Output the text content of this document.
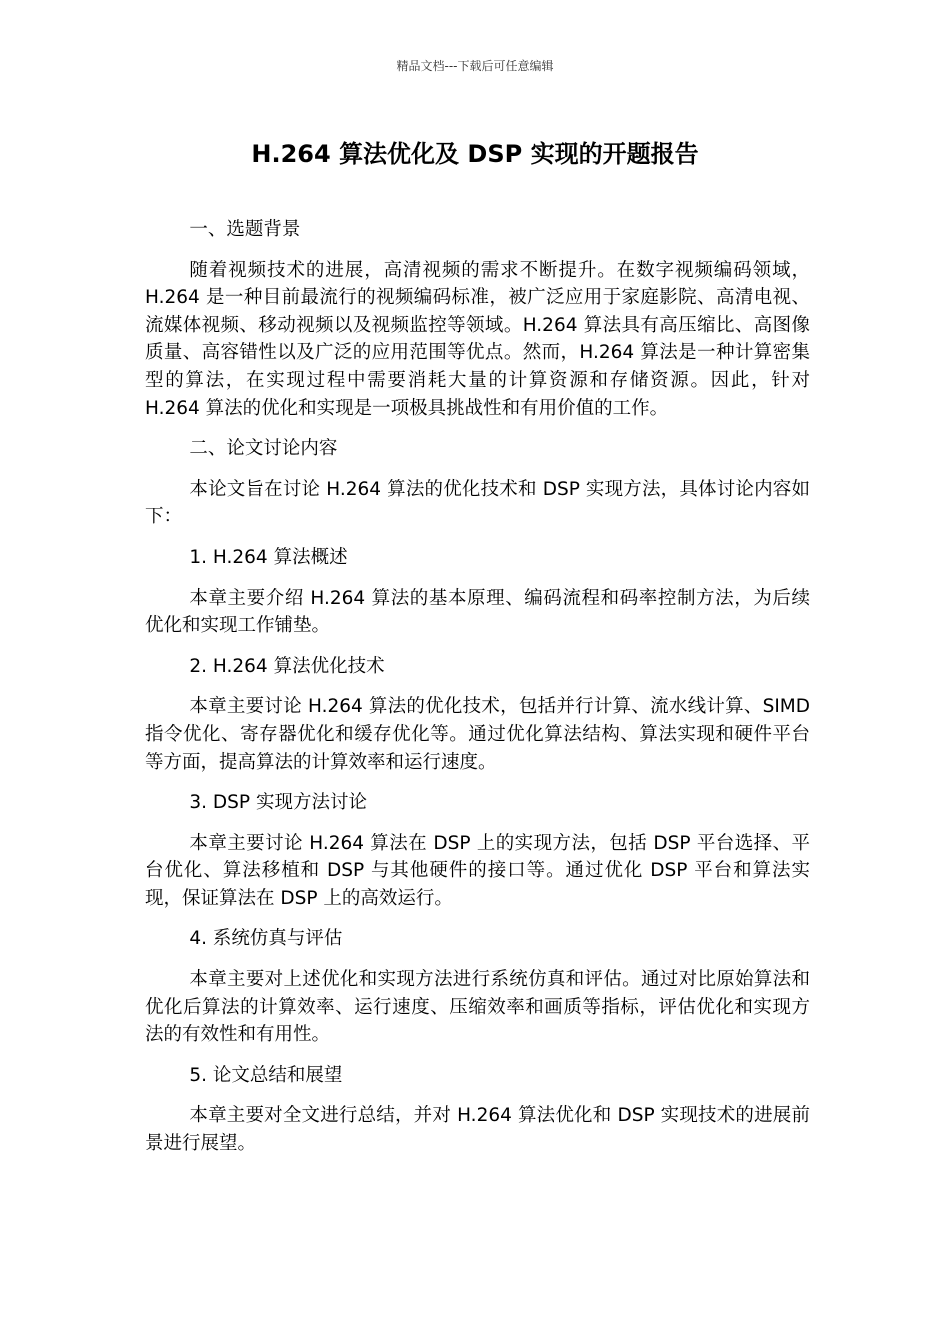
精品文档---下载后可任意编辑
H.264 算法优化及 DSP 实现的开题报告

一、选题背景

随着视频技术的进展，高清视频的需求不断提升。在数字视频编码领域，H.264 是一种目前最流行的视频编码标准，被广泛应用于家庭影院、高清电视、流媒体视频、移动视频以及视频监控等领域。H.264 算法具有高压缩比、高图像质量、高容错性以及广泛的应用范围等优点。然而，H.264 算法是一种计算密集型的算法，在实现过程中需要消耗大量的计算资源和存储资源。因此，针对 H.264 算法的优化和实现是一项极具挑战性和有用价值的工作。

二、论文讨论内容

本论文旨在讨论 H.264 算法的优化技术和 DSP 实现方法，具体讨论内容如下：

1. H.264 算法概述

本章主要介绍 H.264 算法的基本原理、编码流程和码率控制方法，为后续优化和实现工作铺垫。

2. H.264 算法优化技术

本章主要讨论 H.264 算法的优化技术，包括并行计算、流水线计算、SIMD 指令优化、寄存器优化和缓存优化等。通过优化算法结构、算法实现和硬件平台等方面，提高算法的计算效率和运行速度。

3. DSP 实现方法讨论

本章主要讨论 H.264 算法在 DSP 上的实现方法，包括 DSP 平台选择、平台优化、算法移植和 DSP 与其他硬件的接口等。通过优化 DSP 平台和算法实现，保证算法在 DSP 上的高效运行。

4. 系统仿真与评估

本章主要对上述优化和实现方法进行系统仿真和评估。通过对比原始算法和优化后算法的计算效率、运行速度、压缩效率和画质等指标，评估优化和实现方法的有效性和有用性。

5. 论文总结和展望

本章主要对全文进行总结，并对 H.264 算法优化和 DSP 实现技术的进展前景进行展望。
